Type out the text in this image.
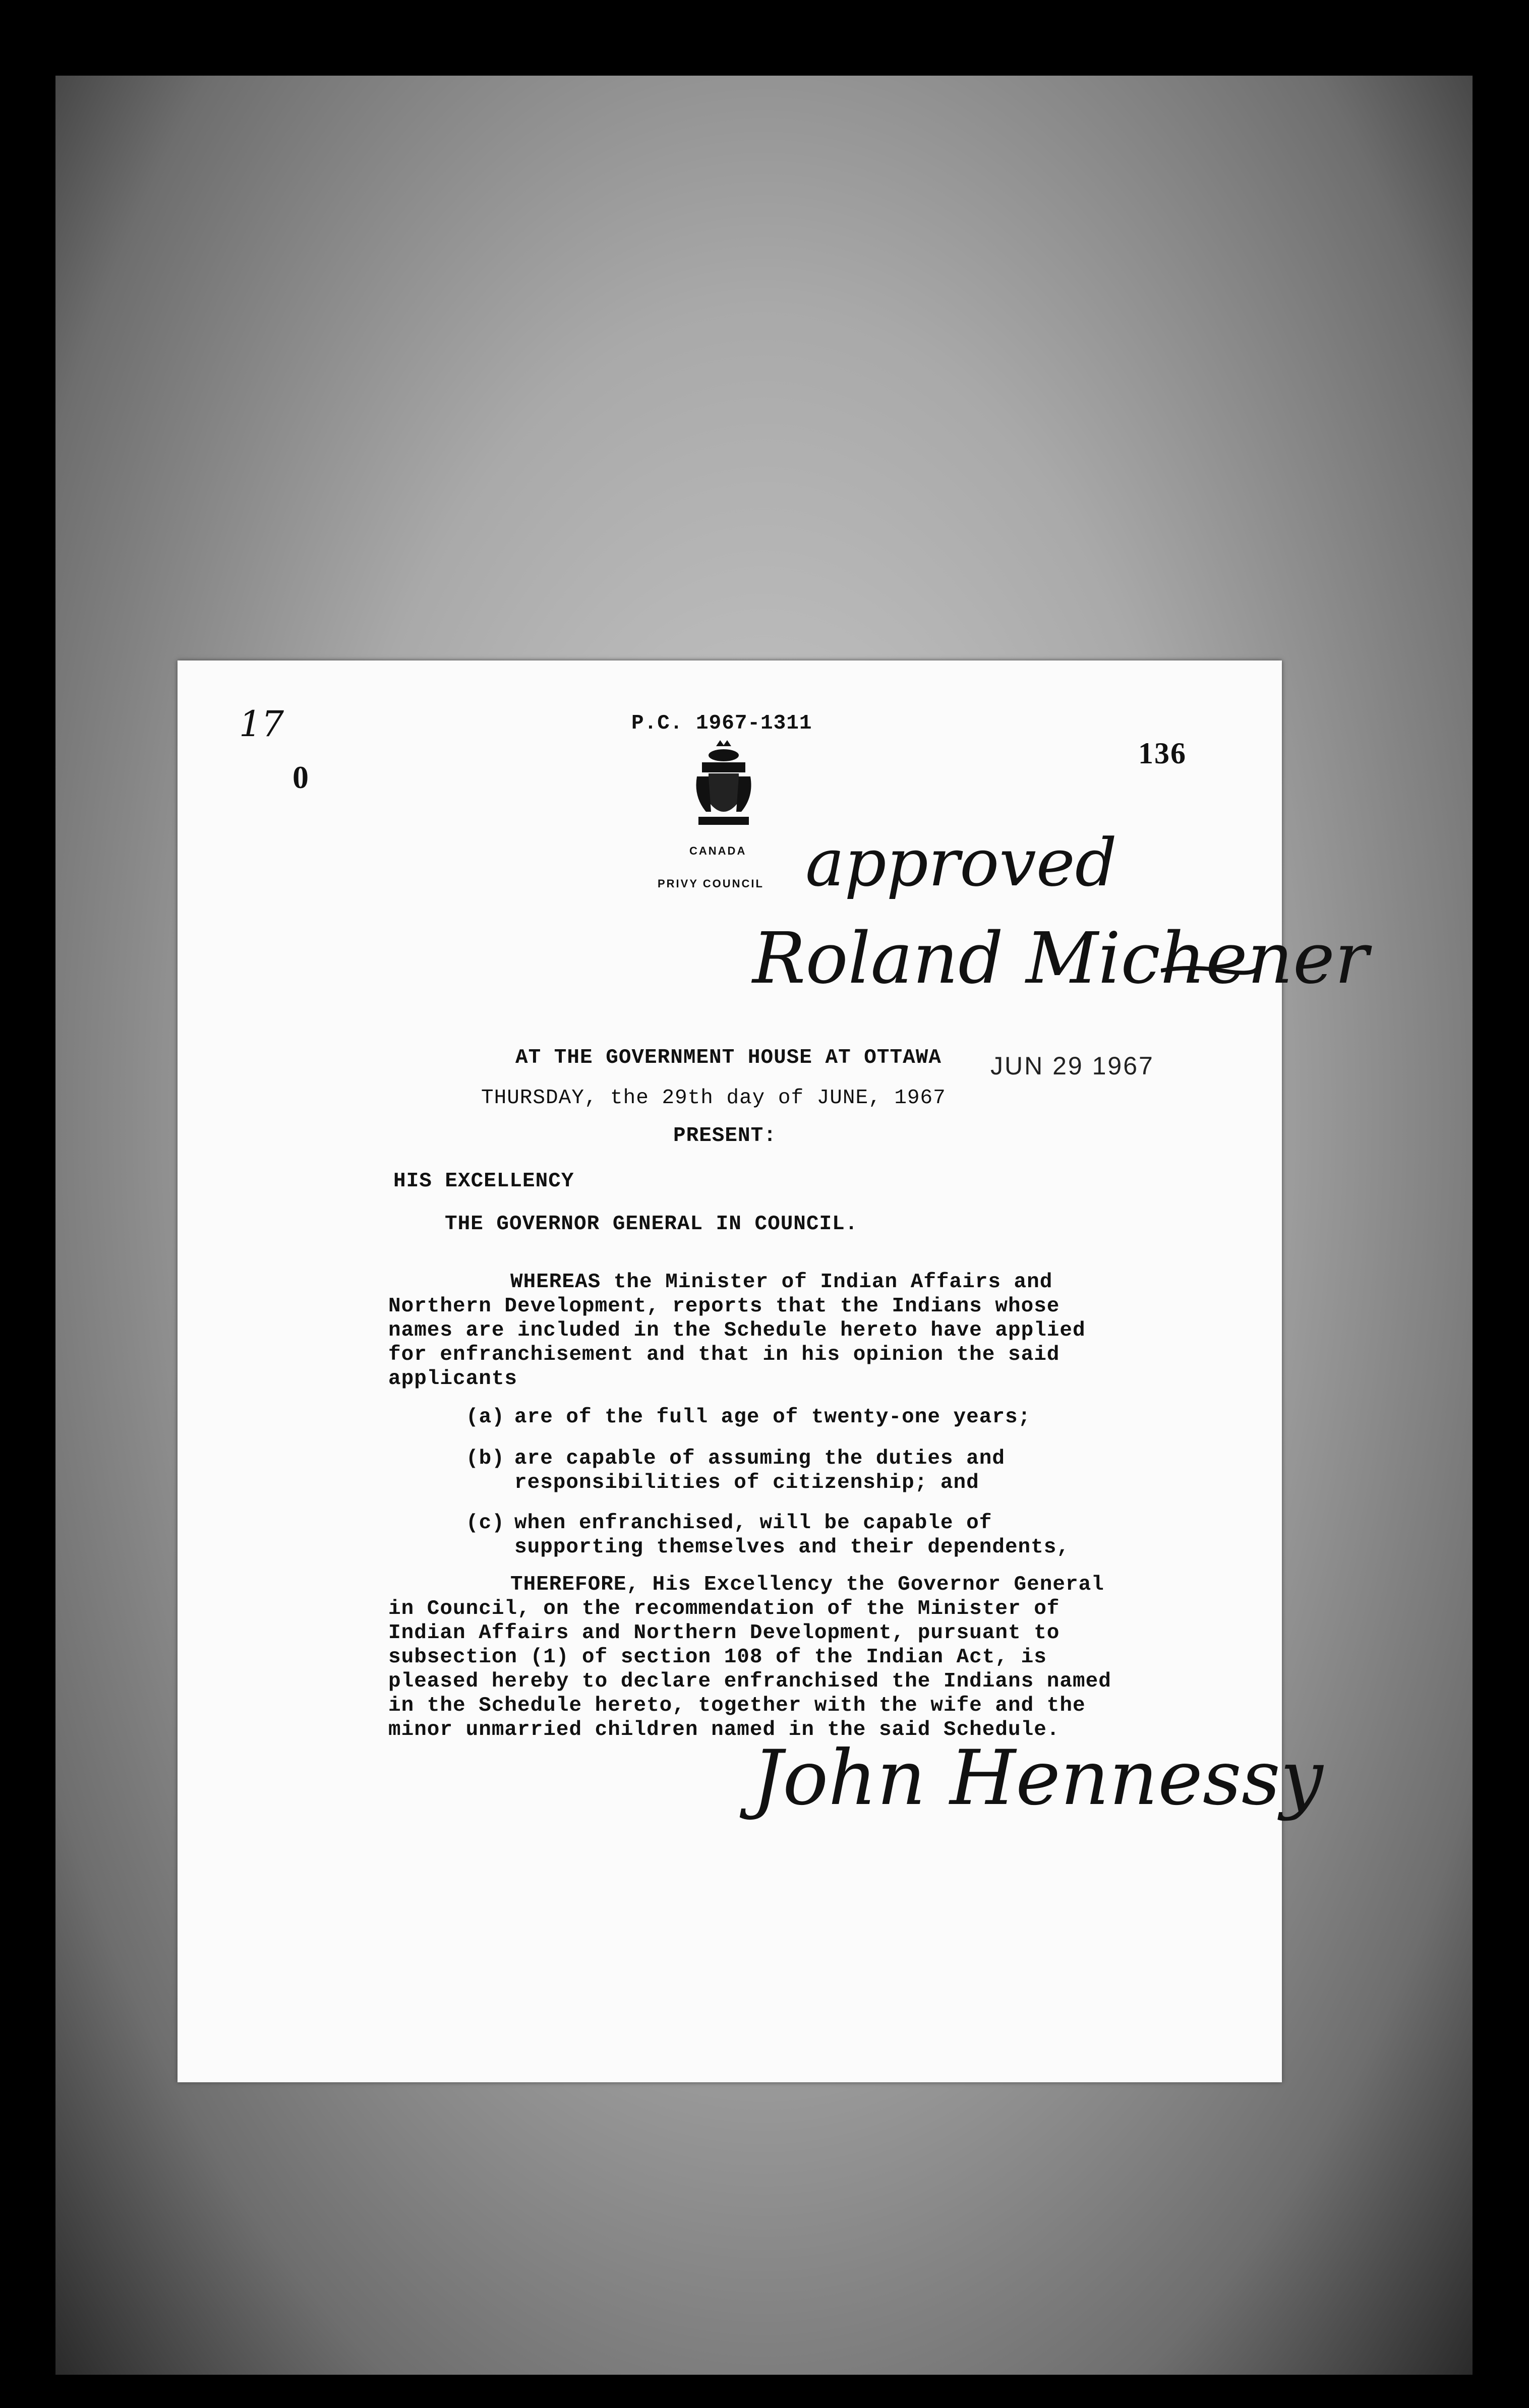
17
0
P.C. 1967-1311
136
CANADA
PRIVY COUNCIL approved
Roland Michener
AT THE GOVERNMENT HOUSE AT OTTAWA JUN 29 1967
THURSDAY, the 29th day of JUNE, 1967
PRESENT:
HIS EXCELLENCY
THE GOVERNOR GENERAL IN COUNCIL.
WHEREAS the Minister of Indian Affairs and
Northern Development, reports that the Indians whose
names are included in the Schedule hereto have applied
for enfranchisement and that in his opinion the said
applicants
(a) are of the full age of twenty-one years;
(b) are capable of assuming the duties and
responsibilities of citizenship; and
(c) when enfranchised, will be capable of
supporting themselves and their dependents,
THEREFORE, His Excellency the Governor General
in Council, on the recommendation of the Minister of
Indian Affairs and Northern Development, pursuant to
subsection (1) of section 108 of the Indian Act, is
pleased hereby to declare enfranchised the Indians named
in the Schedule hereto, together with the wife and the
minor unmarried children named in the said Schedule.
John Hennessy
